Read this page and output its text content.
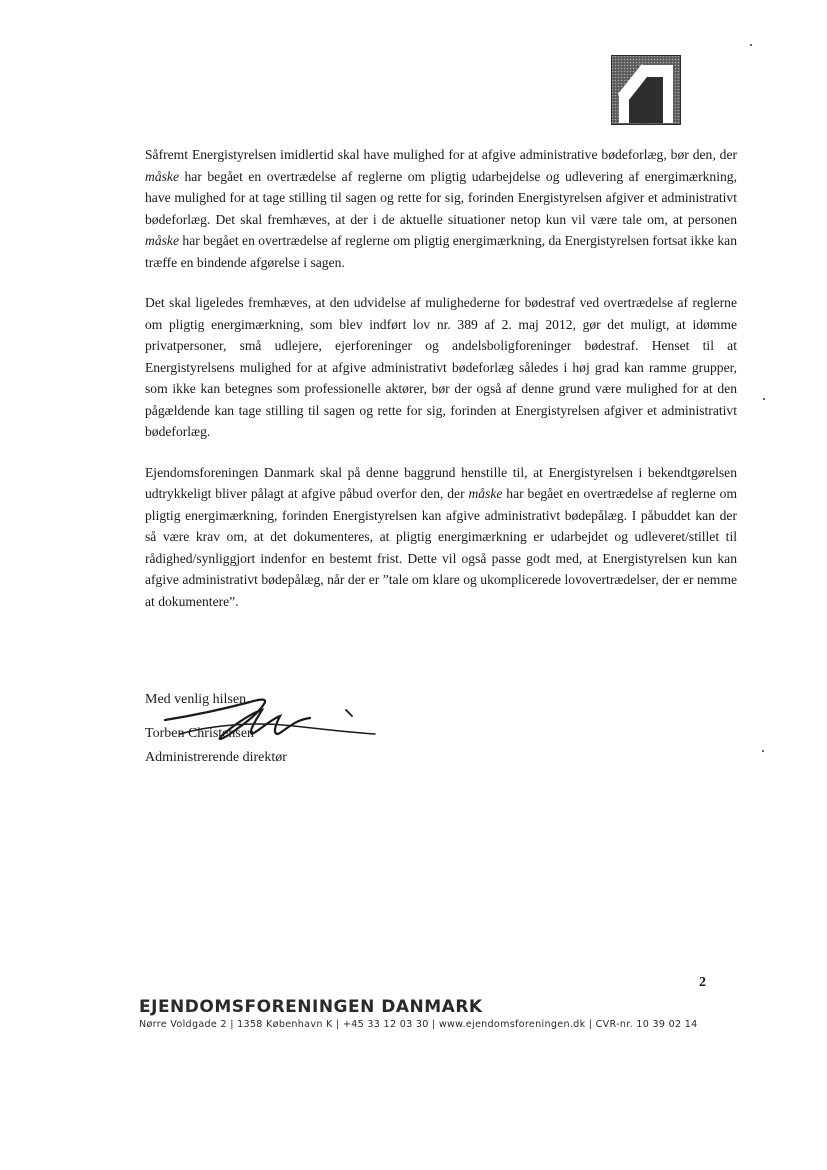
Såfremt Energistyrelsen imidlertid skal have mulighed for at afgive administrative bødeforlæg, bør den, der måske har begået en overtrædelse af reglerne om pligtig udarbejdelse og udlevering af energimærkning, have mulighed for at tage stilling til sagen og rette for sig, forinden Energistyrelsen afgiver et administrativt bødeforlæg. Det skal fremhæves, at der i de aktuelle situationer netop kun vil være tale om, at personen måske har begået en overtrædelse af reglerne om pligtig energimærkning, da Energistyrelsen fortsat ikke kan træffe en bindende afgørelse i sagen.

Det skal ligeledes fremhæves, at den udvidelse af mulighederne for bødestraf ved overtrædelse af reglerne om pligtig energimærkning, som blev indført lov nr. 389 af 2. maj 2012, gør det muligt, at idømme privatpersoner, små udlejere, ejerforeninger og andelsboligforeninger bødestraf. Henset til at Energistyrelsens mulighed for at afgive administrativt bødeforlæg således i høj grad kan ramme grupper, som ikke kan betegnes som professionelle aktører, bør der også af denne grund være mulighed for at den pågældende kan tage stilling til sagen og rette for sig, forinden at Energistyrelsen afgiver et administrativt bødeforlæg.

Ejendomsforeningen Danmark skal på denne baggrund henstille til, at Energistyrelsen i bekendtgørelsen udtrykkeligt bliver pålagt at afgive påbud overfor den, der måske har begået en overtrædelse af reglerne om pligtig energimærkning, forinden Energistyrelsen kan afgive administrativt bødepålæg. I påbuddet kan der så være krav om, at det dokumenteres, at pligtig energimærkning er udarbejdet og udleveret/stillet til rådighed/synliggjort indenfor en bestemt frist. Dette vil også passe godt med, at Energistyrelsen kun kan afgive administrativt bødepålæg, når der er ”tale om klare og ukomplicerede lovovertrædelser, der er nemme at dokumentere”.

Med venlig hilsen
Torben Christensen
Administrerende direktør
2
EJENDOMSFORENINGEN DANMARK
Nørre Voldgade 2 | 1358 København K | +45 33 12 03 30 | www.ejendomsforeningen.dk | CVR-nr. 10 39 02 14
